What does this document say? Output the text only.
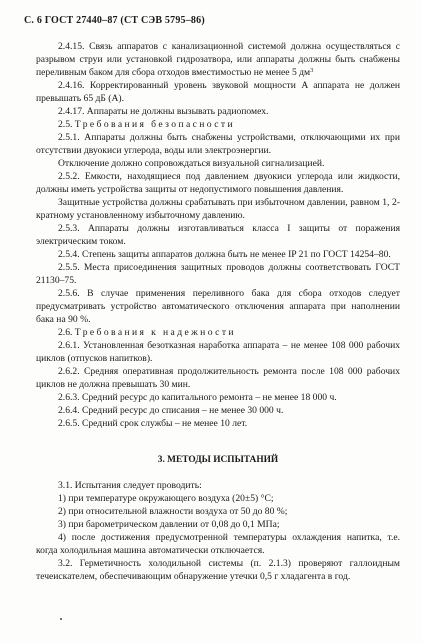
С. 6 ГОСТ 27440–87 (СТ СЭВ 5795–86)

2.4.15. Связь аппаратов с канализационной системой должна осуществляться с разрывом струи или установкой гидрозатвора, или аппараты должны быть снабжены переливным баком для сбора отходов вместимостью не менее 5 $дм^3$

2.4.16. Корректированный уровень звуковой мощности A аппарата не должен превышать 65 дБ (A).

2.4.17. Аппараты не должны вызывать радиопомех.

2.5. Требования безопасности

2.5.1. Аппараты должны быть снабжены устройствами, отключающими их при отсутствии двуокиси углерода, воды или электроэнергии.

Отключение должно сопровождаться визуальной сигнализацией.

2.5.2. Емкости, находящиеся под давлением двуокиси углерода или жидкости, должны иметь устройства защиты от недопустимого повышения давления.

Защитные устройства должны срабатывать при избыточном давлении, равном 1, 2-кратному установленному избыточному давлению.

2.5.3. Аппараты должны изготавливаться класса I защиты от поражения электрическим током.

2.5.4. Степень защиты аппаратов должна быть не менее IP 21 по ГОСТ 14254–80.

2.5.5. Места присоединения защитных проводов должны соответствовать ГОСТ 21130–75.

2.5.6. В случае применения переливного бака для сбора отходов следует предусматривать устройство автоматического отключения аппарата при наполнении бака на 90 %.

2.6. Требования к надежности

2.6.1. Установленная безотказная наработка аппарата – не менее 108 000 рабочих циклов (отпусков напитков).

2.6.2. Средняя оперативная продолжительность ремонта после 108 000 рабочих циклов не должна превышать 30 мин.

2.6.3. Средний ресурс до капитального ремонта – не менее 18 000 ч.

2.6.4. Средний ресурс до списания – не менее 30 000 ч.

2.6.5. Средний срок службы – не менее 10 лет.

3. МЕТОДЫ ИСПЫТАНИЙ

3.1. Испытания следует проводить:

1) при температуре окружающего воздуха (20±5) °C;

2) при относительной влажности воздуха от 50 до 80 %;

3) при барометрическом давлении от 0,08 до 0,1 МПа;

4) после достижения предусмотренной температуры охлаждения напитка, т.е. когда холодильная машина автоматически отключается.

3.2. Герметичность холодильной системы (п. 2.1.3) проверяют галлоидным течеискателем, обеспечивающим обнаружение утечки 0,5 г хладагента в год.
